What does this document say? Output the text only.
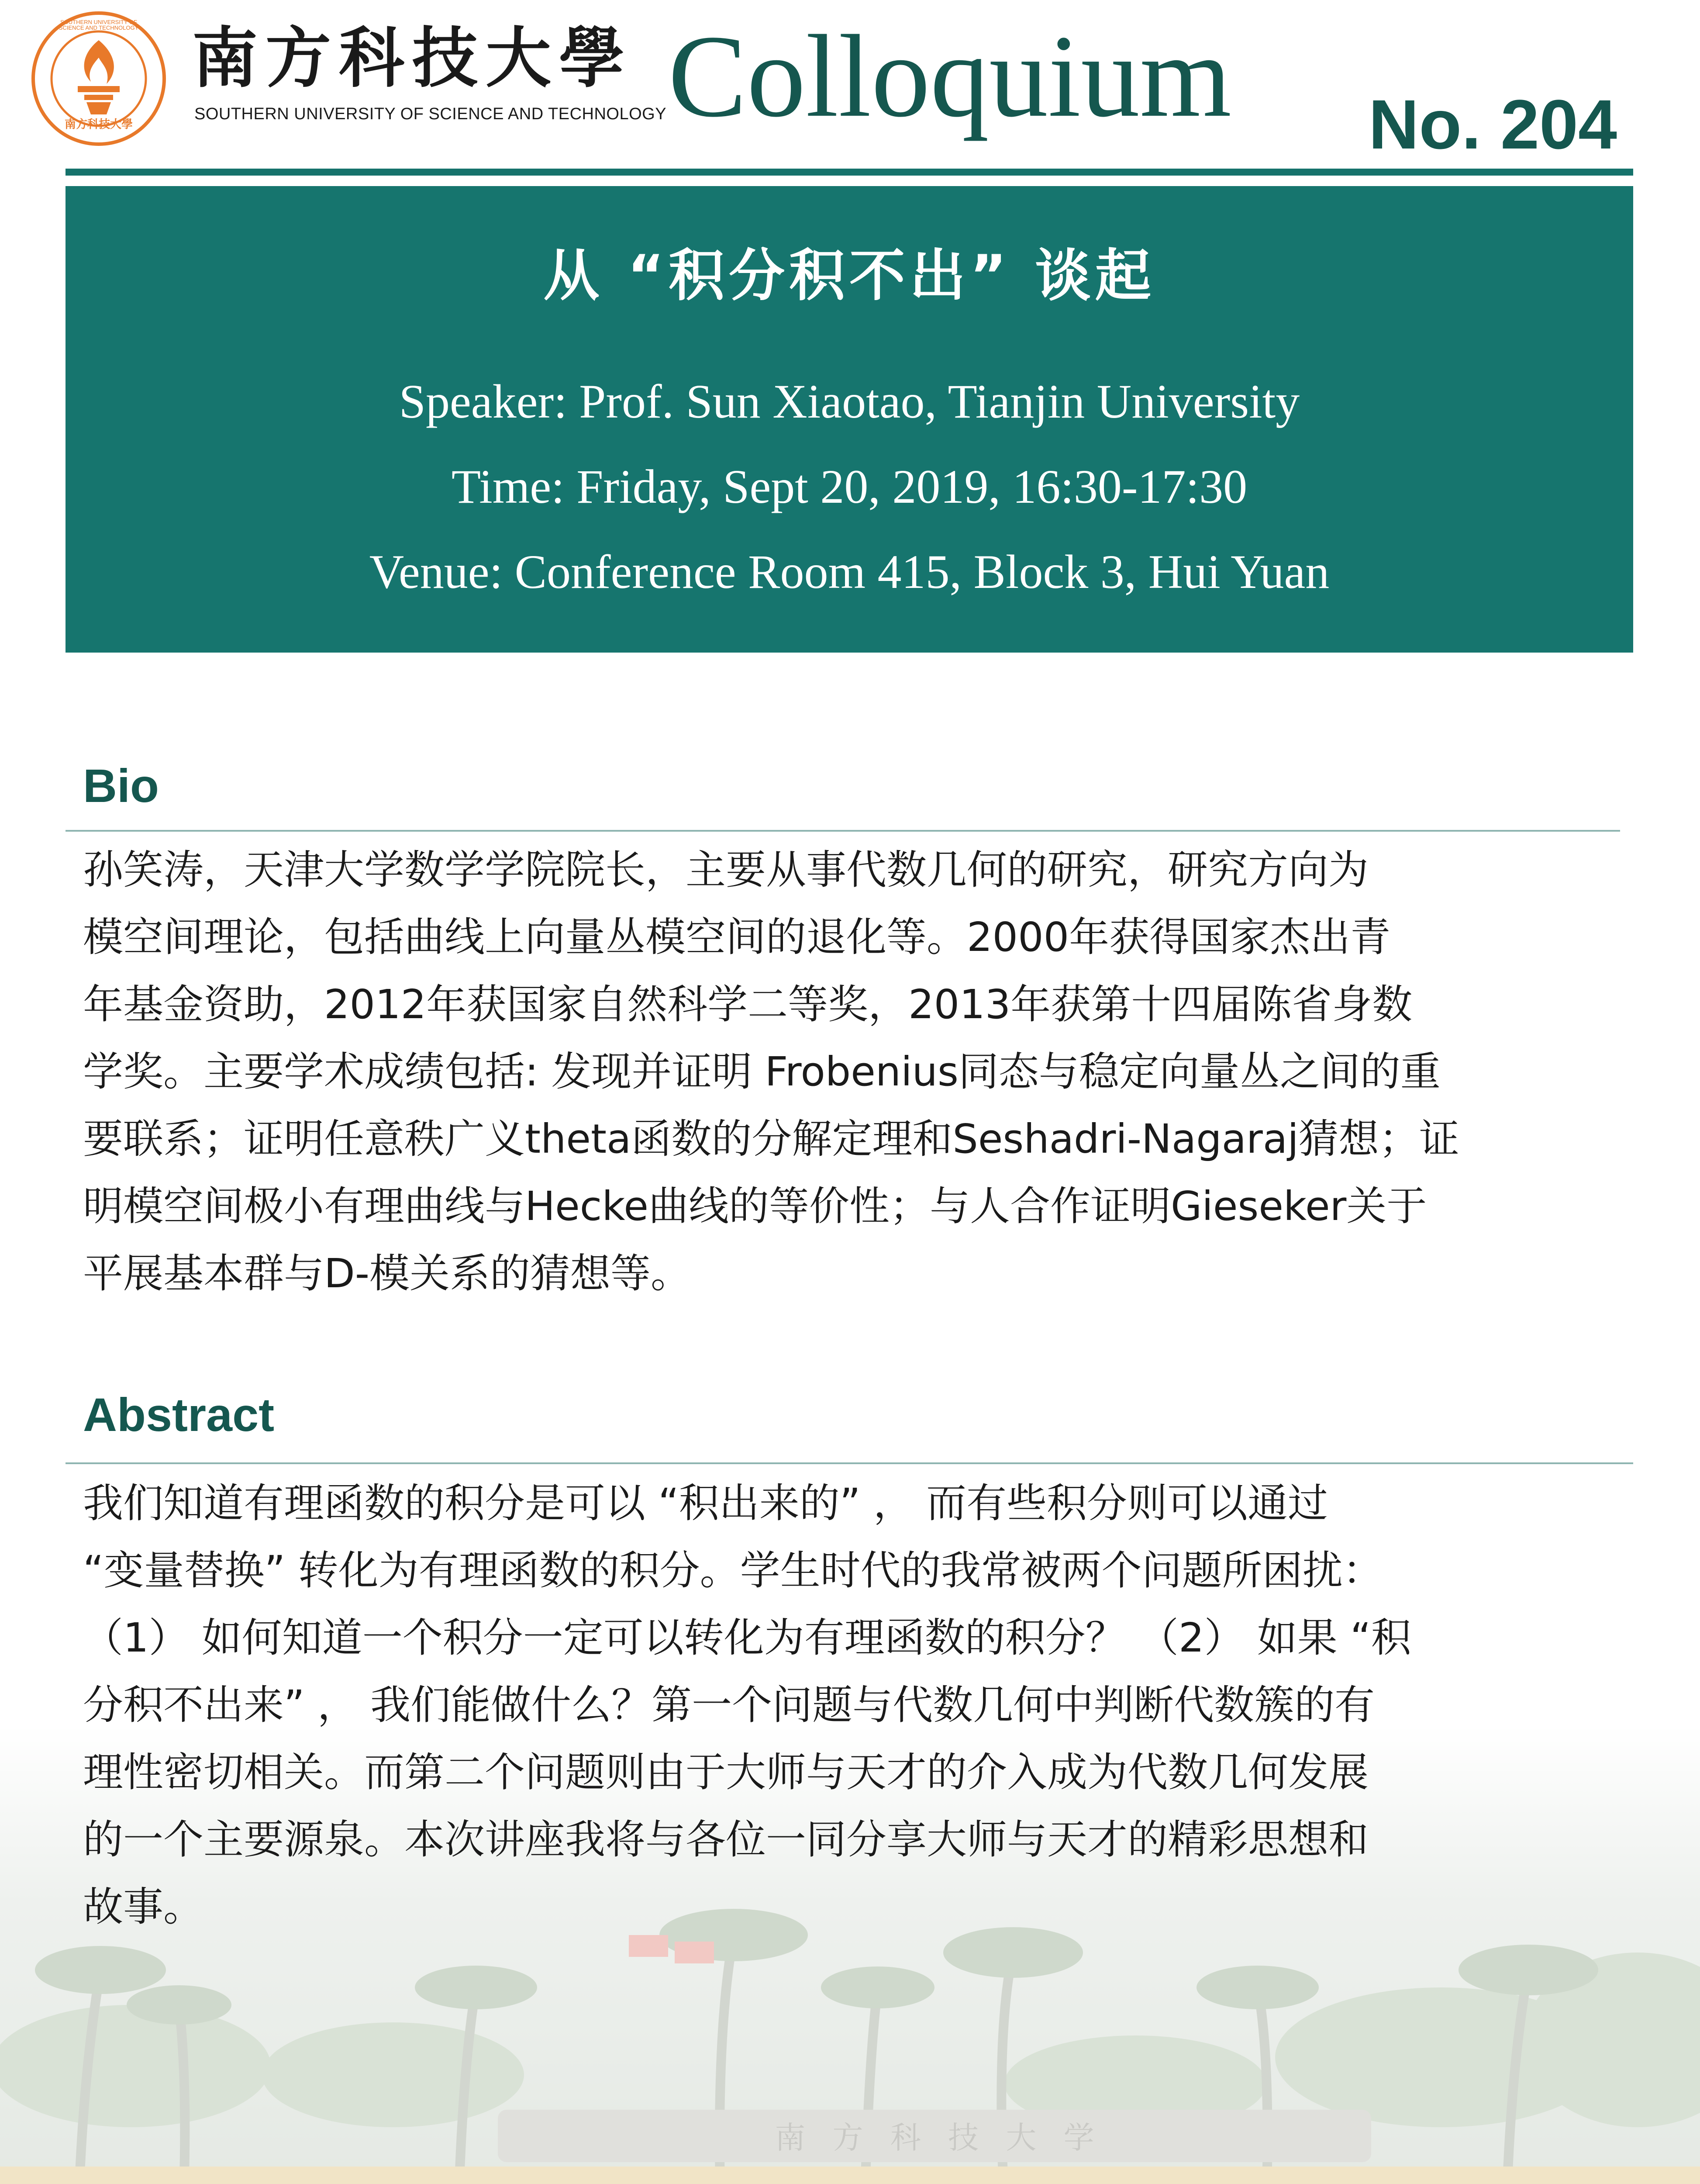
南 方 科 技 大 学
SOUTHERN UNIVERSITY OF SCIENCE AND TECHNOLOGY
南方科技大學
南方科技大學
SOUTHERN UNIVERSITY OF SCIENCE AND TECHNOLOGY Colloquium No. 204
从 “积分积不出” 谈起
Speaker: Prof. Sun Xiaotao, Tianjin University
Time: Friday, Sept 20, 2019, 16:30-17:30
Venue: Conference Room 415, Block 3, Hui Yuan
Bio
孙笑涛，天津大学数学学院院长，主要从事代数几何的研究，研究方向为
模空间理论，包括曲线上向量丛模空间的退化等。2000年获得国家杰出青
年基金资助，2012年获国家自然科学二等奖，2013年获第十四届陈省身数
学奖。主要学术成绩包括: 发现并证明 Frobenius同态与稳定向量丛之间的重
要联系；证明任意秩广义theta函数的分解定理和Seshadri-Nagaraj猜想；证
明模空间极小有理曲线与Hecke曲线的等价性；与人合作证明Gieseker关于
平展基本群与D-模关系的猜想等。
Abstract
我们知道有理函数的积分是可以 “积出来的” ， 而有些积分则可以通过
“变量替换” 转化为有理函数的积分。学生时代的我常被两个问题所困扰：
（1） 如何知道一个积分一定可以转化为有理函数的积分？ （2） 如果 “积
分积不出来” ， 我们能做什么？第一个问题与代数几何中判断代数簇的有
理性密切相关。而第二个问题则由于大师与天才的介入成为代数几何发展
的一个主要源泉。本次讲座我将与各位一同分享大师与天才的精彩思想和
故事。
